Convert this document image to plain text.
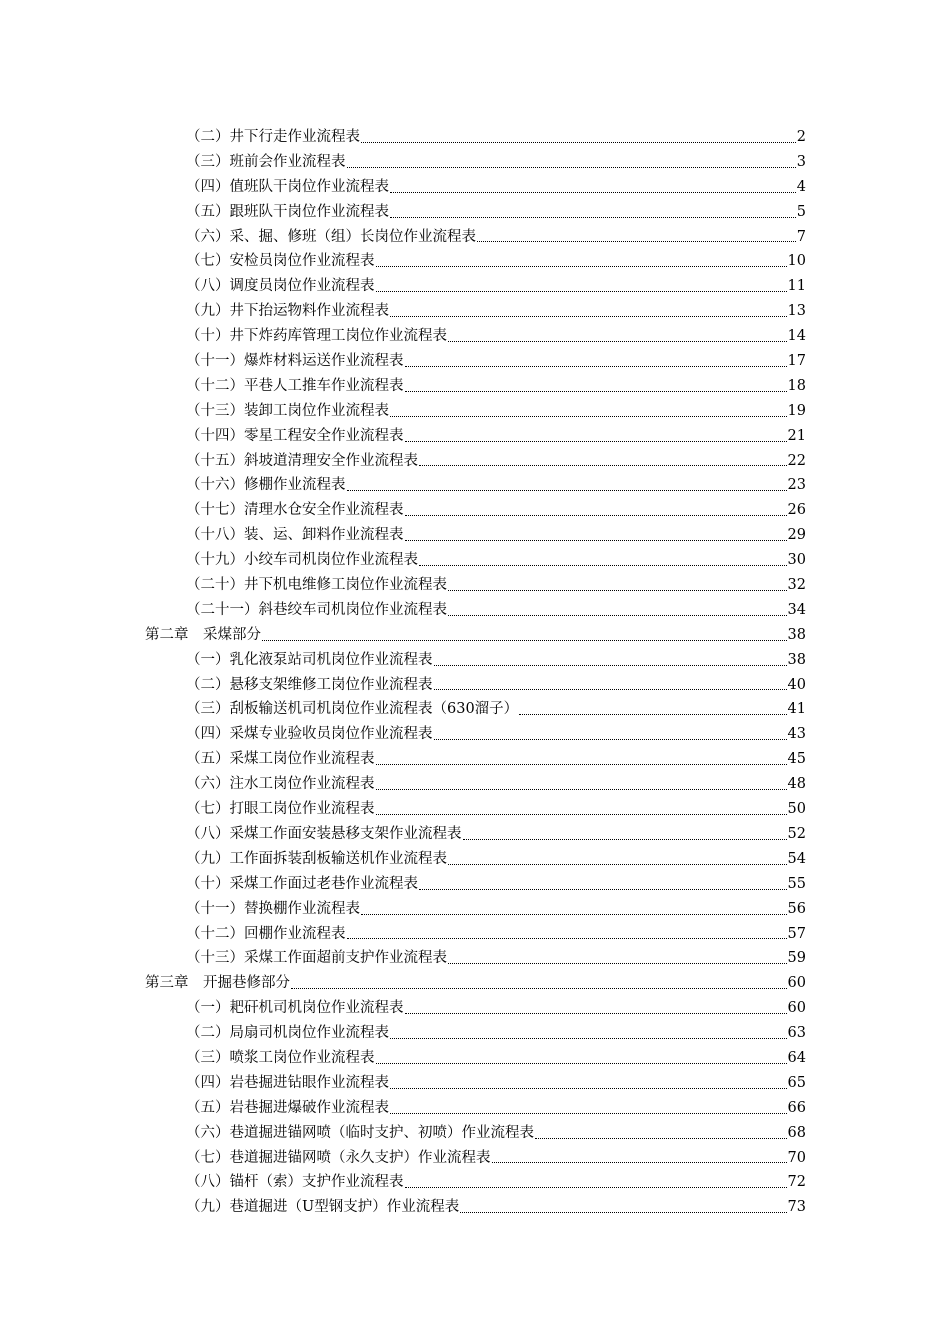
（二）井下行走作业流程表	2
（三）班前会作业流程表	3
（四）值班队干岗位作业流程表	4
（五）跟班队干岗位作业流程表	5
（六）采、掘、修班（组）长岗位作业流程表	7
（七）安检员岗位作业流程表	10
（八）调度员岗位作业流程表	11
（九）井下抬运物料作业流程表	13
（十）井下炸药库管理工岗位作业流程表	14
（十一）爆炸材料运送作业流程表	17
（十二）平巷人工推车作业流程表	18
（十三）装卸工岗位作业流程表	19
（十四）零星工程安全作业流程表	21
（十五）斜坡道清理安全作业流程表	22
（十六）修棚作业流程表	23
（十七）清理水仓安全作业流程表	26
（十八）装、运、卸料作业流程表	29
（十九）小绞车司机岗位作业流程表	30
（二十）井下机电维修工岗位作业流程表	32
（二十一）斜巷绞车司机岗位作业流程表	34
第二章　采煤部分	38
（一）乳化液泵站司机岗位作业流程表	38
（二）悬移支架维修工岗位作业流程表	40
（三）刮板输送机司机岗位作业流程表（630溜子）	41
（四）采煤专业验收员岗位作业流程表	43
（五）采煤工岗位作业流程表	45
（六）注水工岗位作业流程表	48
（七）打眼工岗位作业流程表	50
（八）采煤工作面安装悬移支架作业流程表	52
（九）工作面拆装刮板输送机作业流程表	54
（十）采煤工作面过老巷作业流程表	55
（十一）替换棚作业流程表	56
（十二）回棚作业流程表	57
（十三）采煤工作面超前支护作业流程表	59
第三章　开掘巷修部分	60
（一）耙矸机司机岗位作业流程表	60
（二）局扇司机岗位作业流程表	63
（三）喷浆工岗位作业流程表	64
（四）岩巷掘进钻眼作业流程表	65
（五）岩巷掘进爆破作业流程表	66
（六）巷道掘进锚网喷（临时支护、初喷）作业流程表	68
（七）巷道掘进锚网喷（永久支护）作业流程表	70
（八）锚杆（索）支护作业流程表	72
（九）巷道掘进（U型钢支护）作业流程表	73
